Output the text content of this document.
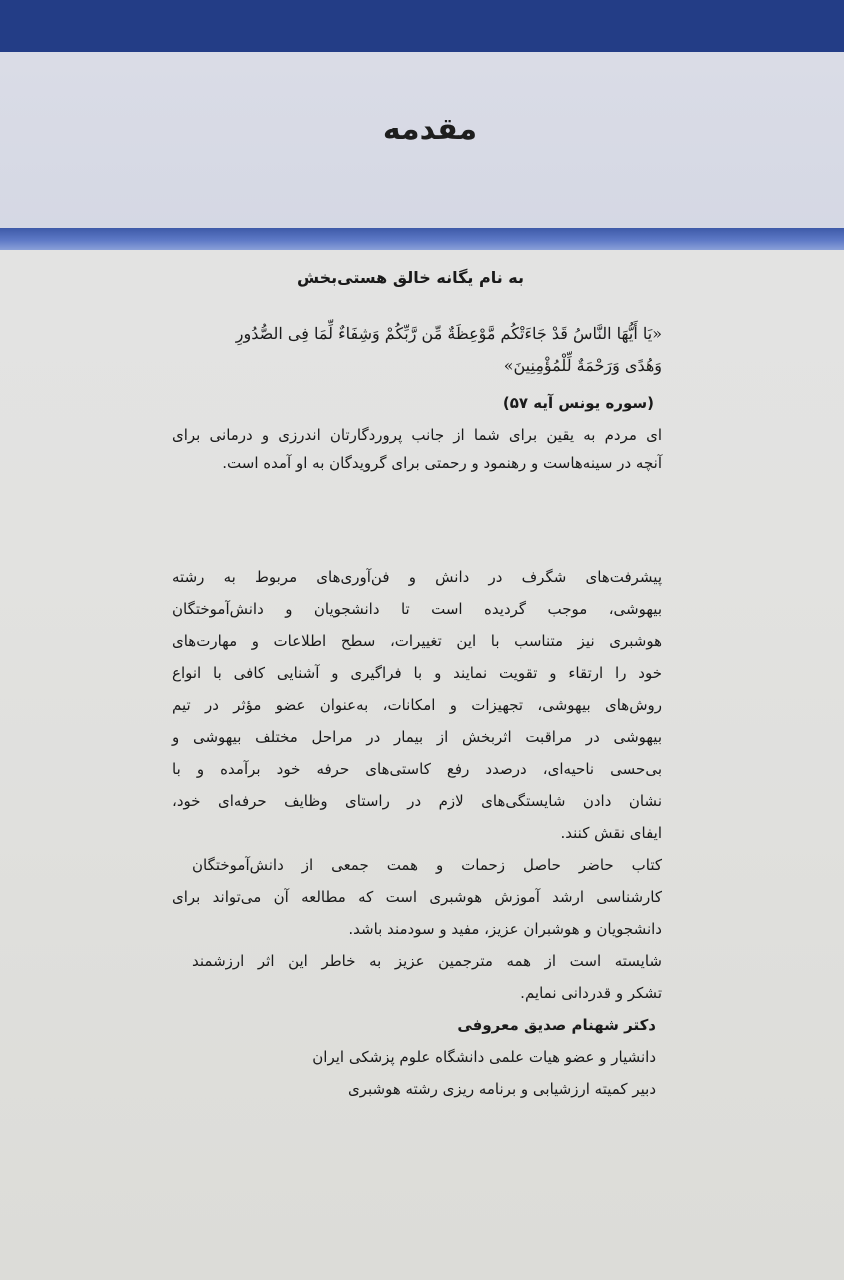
مقدمه
به نام یگانه خالق هستی‌بخش
«یَا أَیُّهَا النَّاسُ قَدْ جَاءَتْکُم مَّوْعِظَةٌ مِّن رَّبِّکُمْ وَشِفَاءٌ لِّمَا فِی الصُّدُورِ
وَهُدًی وَرَحْمَةٌ لِّلْمُؤْمِنِینَ»
(سوره یونس آیه ۵۷)
ای مردم به یقین برای شما از جانب پروردگارتان اندرزی و درمانی برای
آنچه در سینه‌هاست و رهنمود و رحمتی برای گرویدگان به او آمده است.
پیشرفت‌های شگرف در دانش و فن‌آوری‌های مربوط به رشته
بیهوشی، موجب گردیده است تا دانشجویان و دانش‌آموختگان
هوشبری نیز متناسب با این تغییرات، سطح اطلاعات و مهارت‌های
خود را ارتقاء و تقویت نمایند و با فراگیری و آشنایی کافی با انواع
روش‌های بیهوشی، تجهیزات و امکانات، به‌عنوان عضو مؤثر در تیم
بیهوشی در مراقبت اثربخش از بیمار در مراحل مختلف بیهوشی و
بی‌حسی ناحیه‌ای، درصدد رفع کاستی‌های حرفه خود برآمده و با
نشان دادن شایستگی‌های لازم در راستای وظایف حرفه‌ای خود،
ایفای نقش کنند.
کتاب حاضر حاصل زحمات و همت جمعی از دانش‌آموختگان
کارشناسی ارشد آموزش هوشبری است که مطالعه آن می‌تواند برای
دانشجویان و هوشبران عزیز، مفید و سودمند باشد.
شایسته است از همه مترجمین عزیز به خاطر این اثر ارزشمند
تشکر و قدردانی نمایم.
دکتر شهنام صدیق معروفی
دانشیار و عضو هیات علمی دانشگاه علوم پزشکی ایران
دبیر کمیته ارزشیابی و برنامه ریزی رشته هوشبری
